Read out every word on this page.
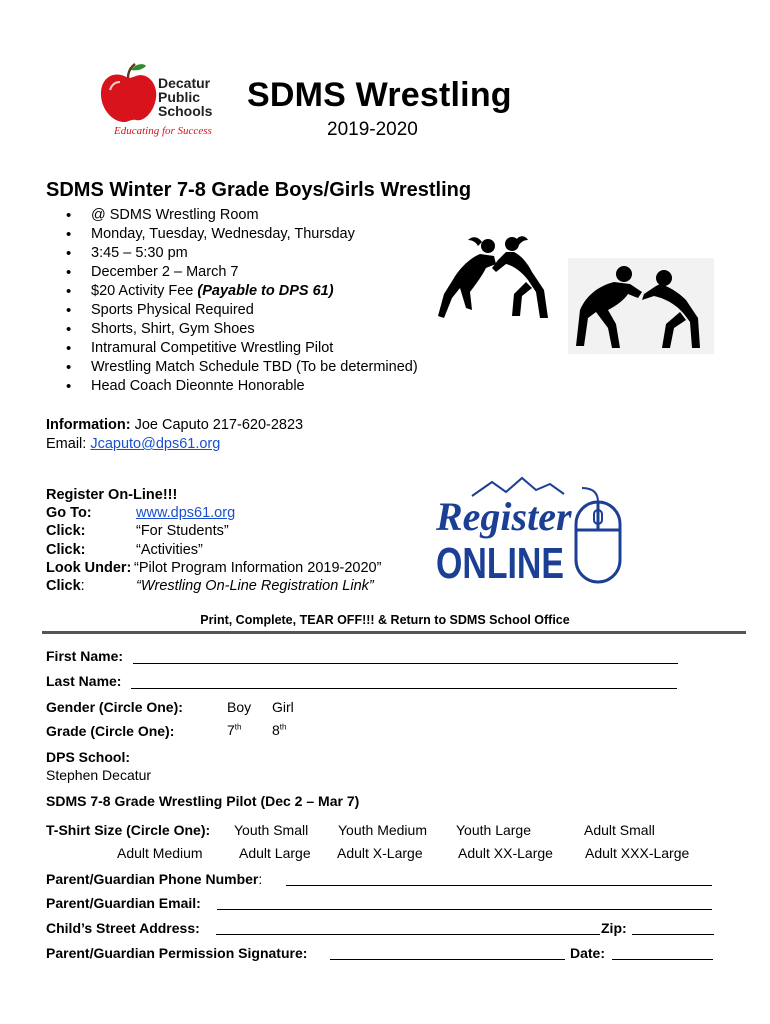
Decatur
Public
Schools
Educating for Success
SDMS Wrestling
2019-2020
SDMS Winter 7-8 Grade Boys/Girls Wrestling
• @ SDMS Wrestling Room
• Monday, Tuesday, Wednesday, Thursday
• 3:45 – 5:30 pm
• December 2 – March 7
• $20 Activity Fee (Payable to DPS 61)
• Sports Physical Required
• Shorts, Shirt, Gym Shoes
• Intramural Competitive Wrestling Pilot
• Wrestling Match Schedule TBD (To be determined)
• Head Coach Dieonnte Honorable
Information: Joe Caputo 217-620-2823
Email: Jcaputo@dps61.org
Register On-Line!!!
Go To:	www.dps61.org
Click:	“For Students”
Click:	“Activities”
Look Under: “Pilot Program Information 2019-2020”
Click:	“Wrestling On-Line Registration Link”
Register
ONLINE
Print, Complete, TEAR OFF!!! & Return to SDMS School Office
First Name:
Last Name:
Gender (Circle One):	Boy Girl
Grade (Circle One):	7th 8th
DPS School:
Stephen Decatur
SDMS 7-8 Grade Wrestling Pilot (Dec 2 – Mar 7)
T-Shirt Size (Circle One): Youth Small Youth Medium Youth Large	Adult Small
Adult Medium	Adult Large Adult X-Large	Adult XX-Large Adult XXX-Large
Parent/Guardian Phone Number:
Parent/Guardian Email:
Child’s Street Address:	Zip:
Parent/Guardian Permission Signature:	Date:
